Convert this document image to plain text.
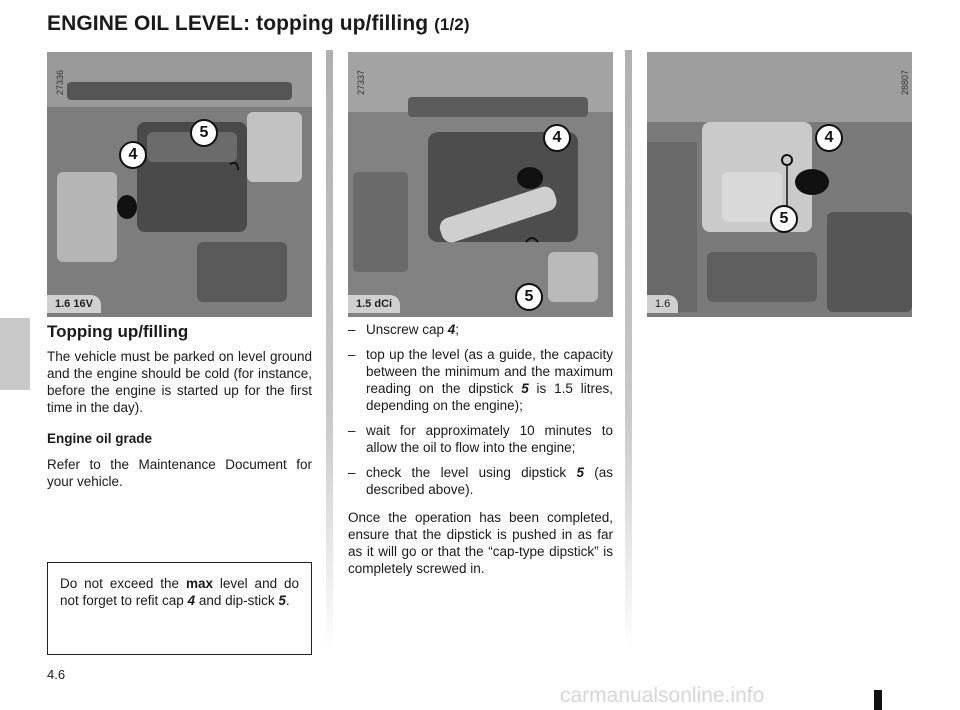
ENGINE OIL LEVEL: topping up/filling (1/2)
1.6 16V
27336
4
5
1.5 dCi
27337
4
5	1.6
28807
4
5
Topping up/filling
The vehicle must be parked on level ground and the engine should be cold (for instance, before the engine is started up for the first time in the day).
Engine oil grade
Refer to the Maintenance Document for your vehicle.
Do not exceed the max level and do not forget to refit cap 4 and dip-stick 5.
– Unscrew cap 4;
– top up the level (as a guide, the capacity between the minimum and the maximum reading on the dipstick 5 is 1.5 litres, depending on the engine);
– wait for approximately 10 minutes to allow the oil to flow into the engine;
– check the level using dipstick 5 (as described above).
Once the operation has been completed, ensure that the dipstick is pushed in as far as it will go or that the “cap-type dipstick” is completely screwed in.
4.6
carmanualsonline.info
